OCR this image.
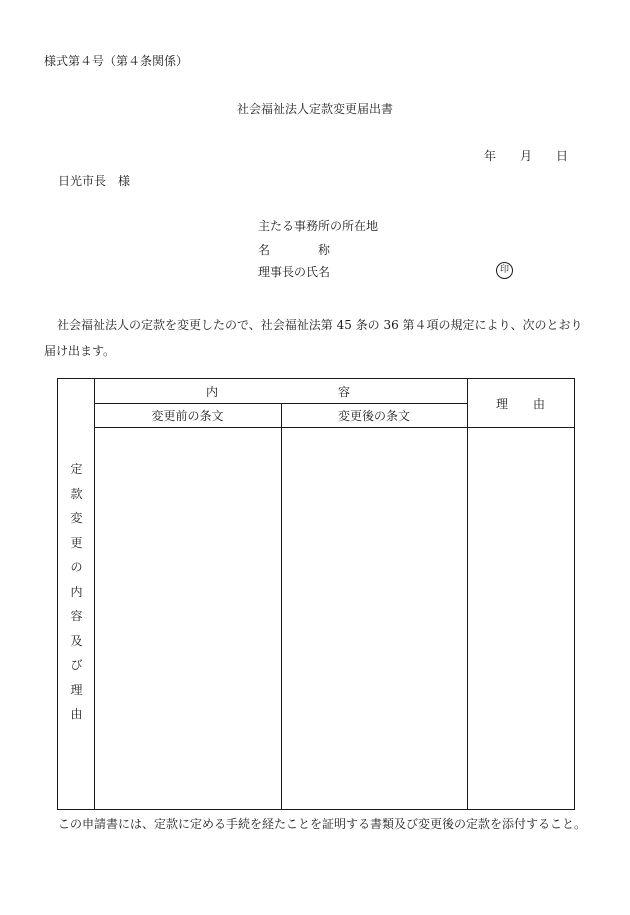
様式第４号（第４条関係）
社会福祉法人定款変更届出書
年 月 日
日光市長　様
主たる事務所の所在地
名	称
理事長の氏名	印
社会福祉法人の定款を変更したので、社会福祉法第 45 条の 36 第４項の規定により、次のとおり届け出ます。
定
款
変
更
の
内
容
及
び
理
由
内	容
変更前の条文	変更後の条文
理 由
この申請書には、定款に定める手続を経たことを証明する書類及び変更後の定款を添付すること。
